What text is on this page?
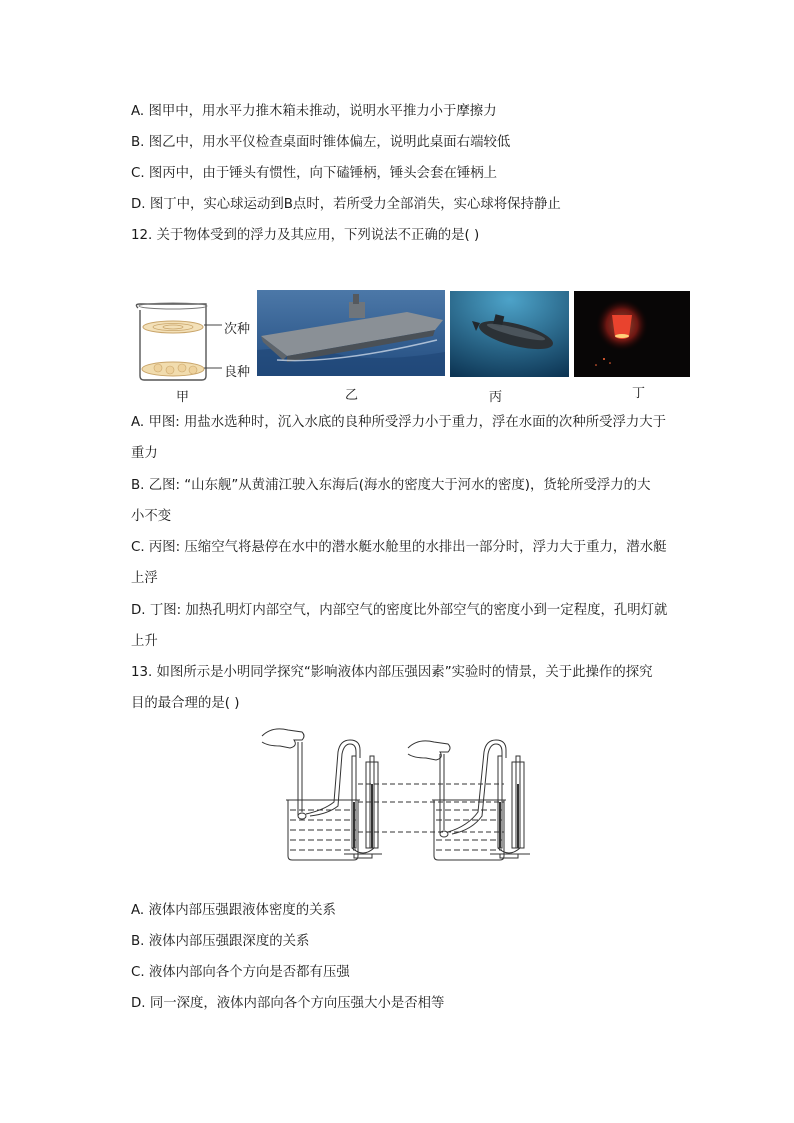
A. 图甲中，用水平力推木箱未推动，说明水平推力小于摩擦力
B. 图乙中，用水平仪检查桌面时锥体偏左，说明此桌面右端较低
C. 图丙中，由于锤头有惯性，向下磕锤柄，锤头会套在锤柄上
D. 图丁中，实心球运动到B点时，若所受力全部消失，实心球将保持静止
12. 关于物体受到的浮力及其应用，下列说法不正确的是( )
次种
良种
甲	乙	丙	丁
A. 甲图: 用盐水选种时，沉入水底的良种所受浮力小于重力，浮在水面的次种所受浮力大于
重力
B. 乙图: “山东舰”从黄浦江驶入东海后(海水的密度大于河水的密度)，货轮所受浮力的大
小不变
C. 丙图: 压缩空气将悬停在水中的潜水艇水舱里的水排出一部分时，浮力大于重力，潜水艇
上浮
D. 丁图: 加热孔明灯内部空气，内部空气的密度比外部空气的密度小到一定程度，孔明灯就
上升
13. 如图所示是小明同学探究“影响液体内部压强因素”实验时的情景，关于此操作的探究
目的最合理的是( )
A. 液体内部压强跟液体密度的关系
B. 液体内部压强跟深度的关系
C. 液体内部向各个方向是否都有压强
D. 同一深度，液体内部向各个方向压强大小是否相等
